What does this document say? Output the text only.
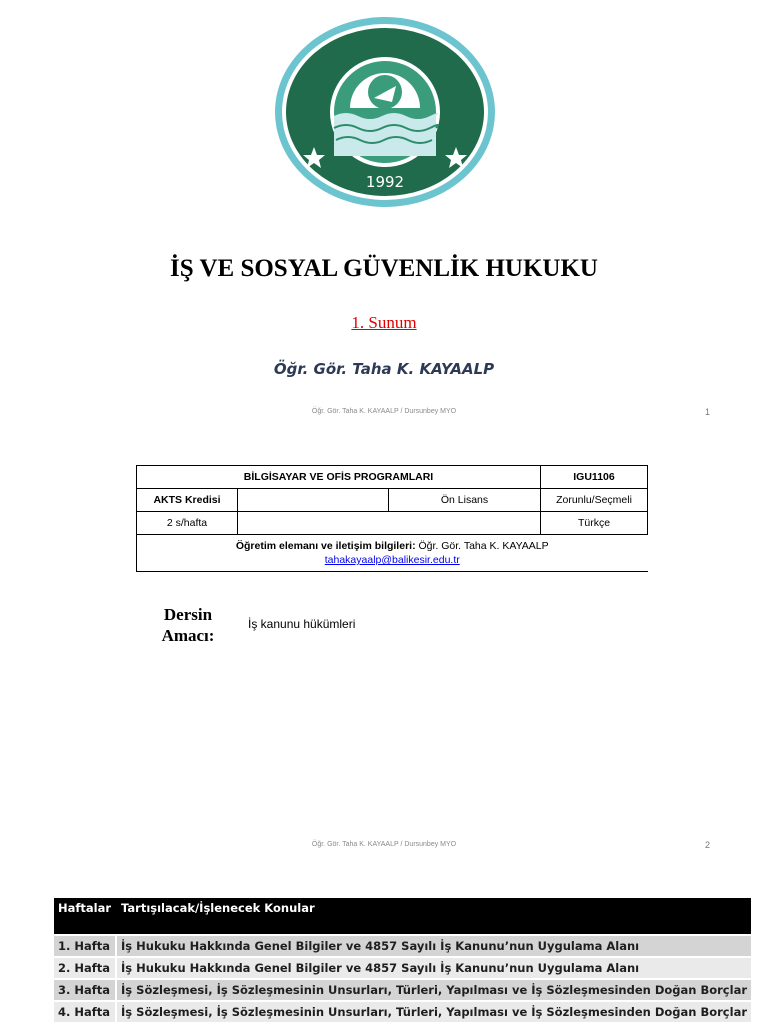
BALIKESİR ÜNİVERSİTESİ
1992
İŞ VE SOSYAL GÜVENLİK HUKUKU
1. Sunum
Öğr. Gör. Taha K. KAYAALP
Öğr. Gör. Taha K. KAYAALP / Dursunbey MYO	1
BİLGİSAYAR VE OFİS PROGRAMLARI			IGU1106
AKTS Kredisi		Ön Lisans	Zorunlu/Seçmeli
2 s/hafta			Türkçe
Öğretim elemanı ve iletişim bilgileri: Öğr. Gör. Taha K. KAYAALP
tahakayaalp@balikesir.edu.tr			
Dersin Amacı:
İş kanunu hükümleri
Öğr. Gör. Taha K. KAYAALP / Dursunbey MYO	2
Haftalar	Tartışılacak/İşlenecek Konular
1. Hafta	İş Hukuku Hakkında Genel Bilgiler ve 4857 Sayılı İş Kanunu’nun Uygulama Alanı
2. Hafta	İş Hukuku Hakkında Genel Bilgiler ve 4857 Sayılı İş Kanunu’nun Uygulama Alanı
3. Hafta	İş Sözleşmesi, İş Sözleşmesinin Unsurları, Türleri, Yapılması ve İş Sözleşmesinden Doğan Borçlar
4. Hafta	İş Sözleşmesi, İş Sözleşmesinin Unsurları, Türleri, Yapılması ve İş Sözleşmesinden Doğan Borçlar
